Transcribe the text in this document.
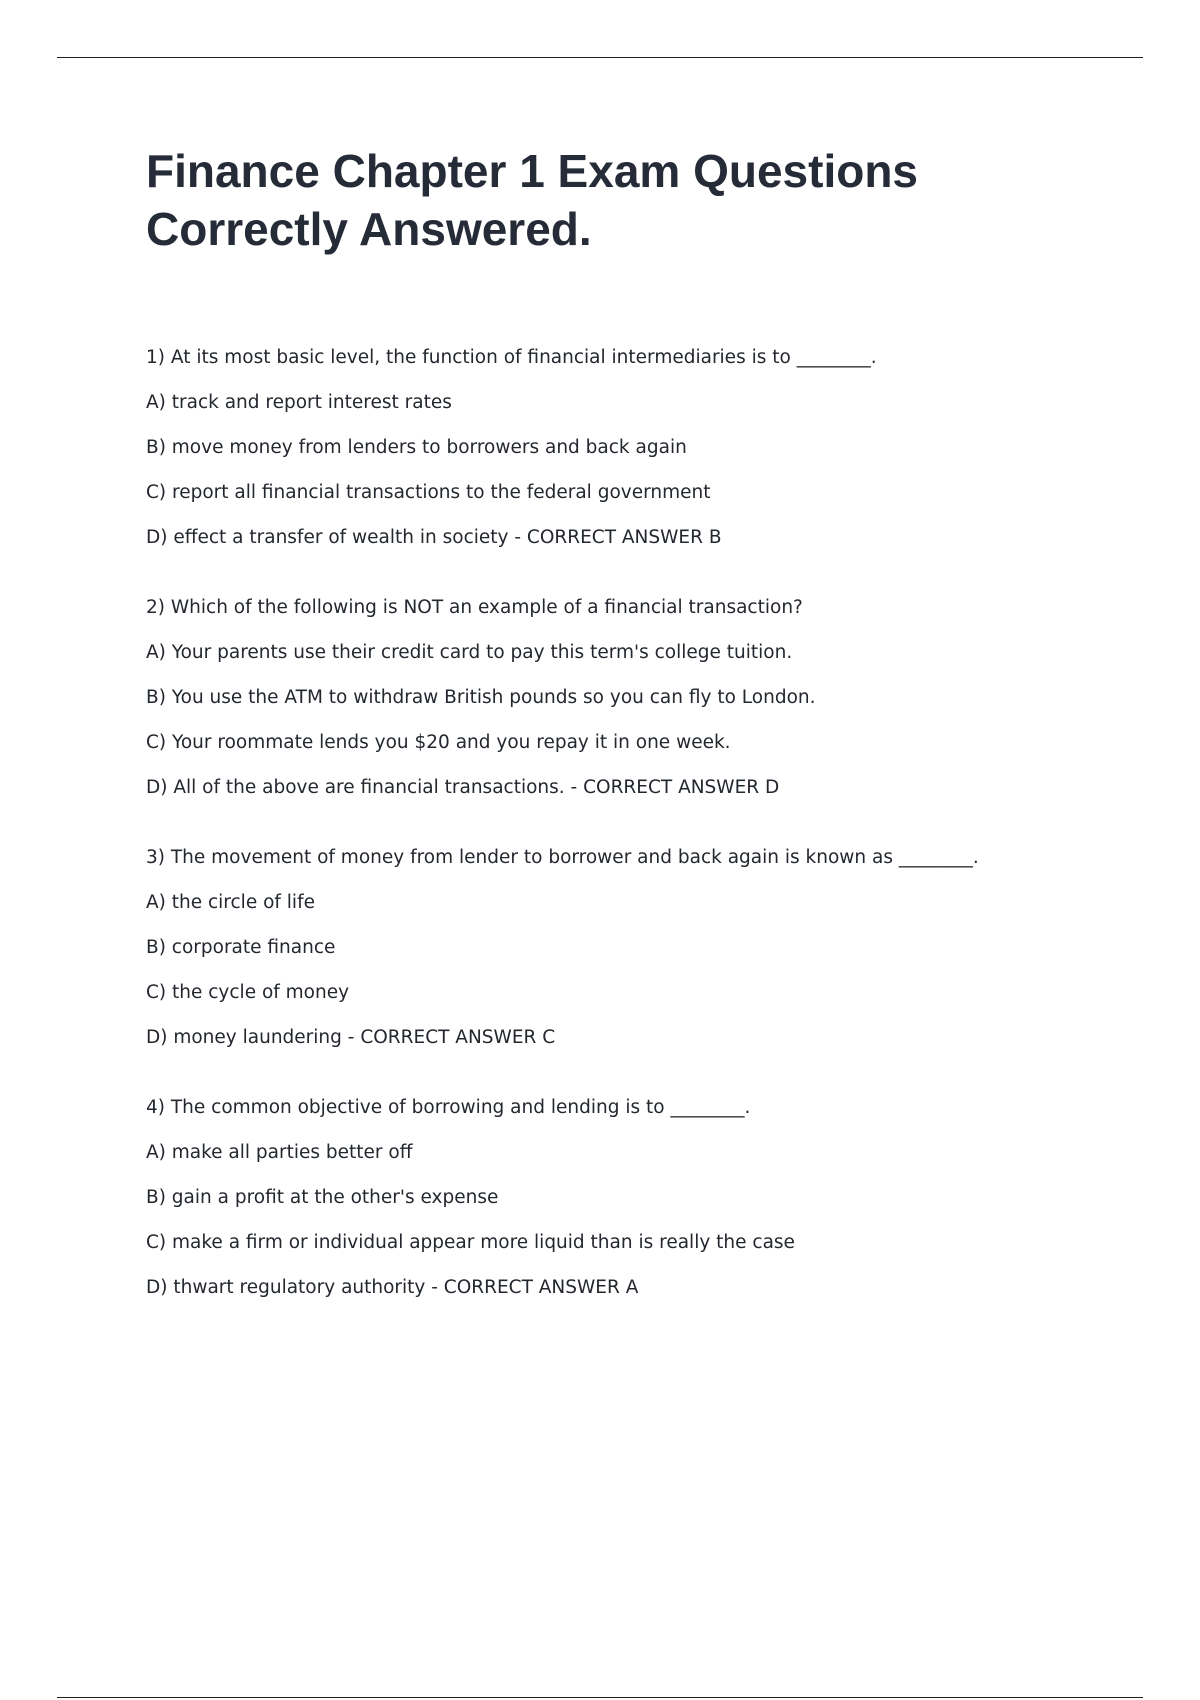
Finance Chapter 1 Exam Questions
Correctly Answered.
1) At its most basic level, the function of financial intermediaries is to ________.
A) track and report interest rates
B) move money from lenders to borrowers and back again
C) report all financial transactions to the federal government
D) effect a transfer of wealth in society - CORRECT ANSWER B
2) Which of the following is NOT an example of a financial transaction?
A) Your parents use their credit card to pay this term's college tuition.
B) You use the ATM to withdraw British pounds so you can fly to London.
C) Your roommate lends you $20 and you repay it in one week.
D) All of the above are financial transactions. - CORRECT ANSWER D
3) The movement of money from lender to borrower and back again is known as ________.
A) the circle of life
B) corporate finance
C) the cycle of money
D) money laundering - CORRECT ANSWER C
4) The common objective of borrowing and lending is to ________.
A) make all parties better off
B) gain a profit at the other's expense
C) make a firm or individual appear more liquid than is really the case
D) thwart regulatory authority - CORRECT ANSWER A
